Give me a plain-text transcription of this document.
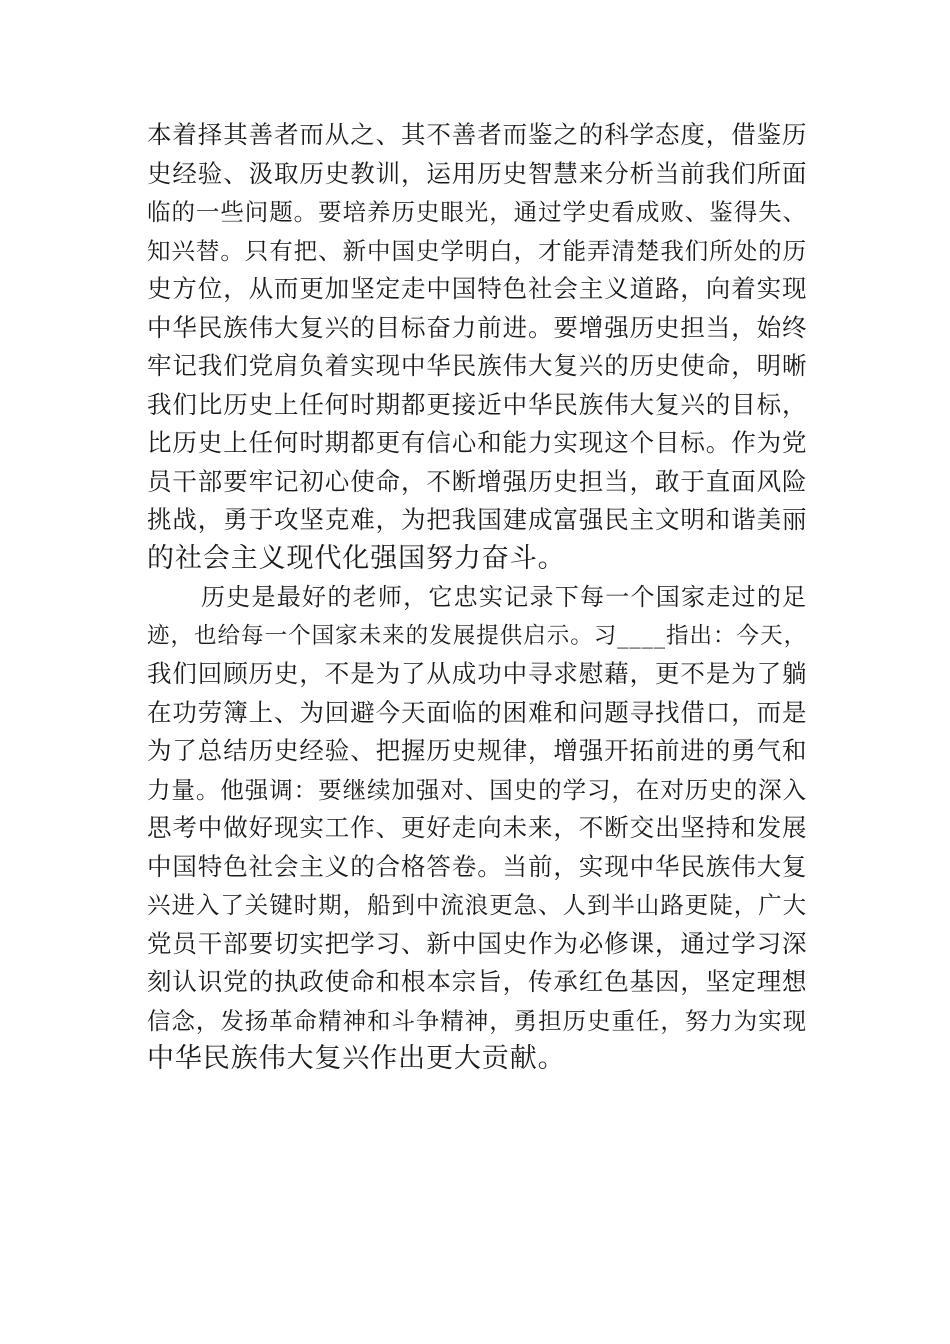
本着择其善者而从之、其不善者而鉴之的科学态度，借鉴历
史经验、汲取历史教训，运用历史智慧来分析当前我们所面
临的一些问题。要培养历史眼光，通过学史看成败、鉴得失、
知兴替。只有把、新中国史学明白，才能弄清楚我们所处的历
史方位，从而更加坚定走中国特色社会主义道路，向着实现
中华民族伟大复兴的目标奋力前进。要增强历史担当，始终
牢记我们党肩负着实现中华民族伟大复兴的历史使命，明晰
我们比历史上任何时期都更接近中华民族伟大复兴的目标，
比历史上任何时期都更有信心和能力实现这个目标。作为党
员干部要牢记初心使命，不断增强历史担当，敢于直面风险
挑战，勇于攻坚克难，为把我国建成富强民主文明和谐美丽
的社会主义现代化强国努力奋斗。
历史是最好的老师，它忠实记录下每一个国家走过的足
迹，也给每一个国家未来的发展提供启示。习____指出：今天，
我们回顾历史，不是为了从成功中寻求慰藉，更不是为了躺
在功劳簿上、为回避今天面临的困难和问题寻找借口，而是
为了总结历史经验、把握历史规律，增强开拓前进的勇气和
力量。他强调：要继续加强对、国史的学习，在对历史的深入
思考中做好现实工作、更好走向未来，不断交出坚持和发展
中国特色社会主义的合格答卷。当前，实现中华民族伟大复
兴进入了关键时期，船到中流浪更急、人到半山路更陡，广大
党员干部要切实把学习、新中国史作为必修课，通过学习深
刻认识党的执政使命和根本宗旨，传承红色基因，坚定理想
信念，发扬革命精神和斗争精神，勇担历史重任，努力为实现
中华民族伟大复兴作出更大贡献。
